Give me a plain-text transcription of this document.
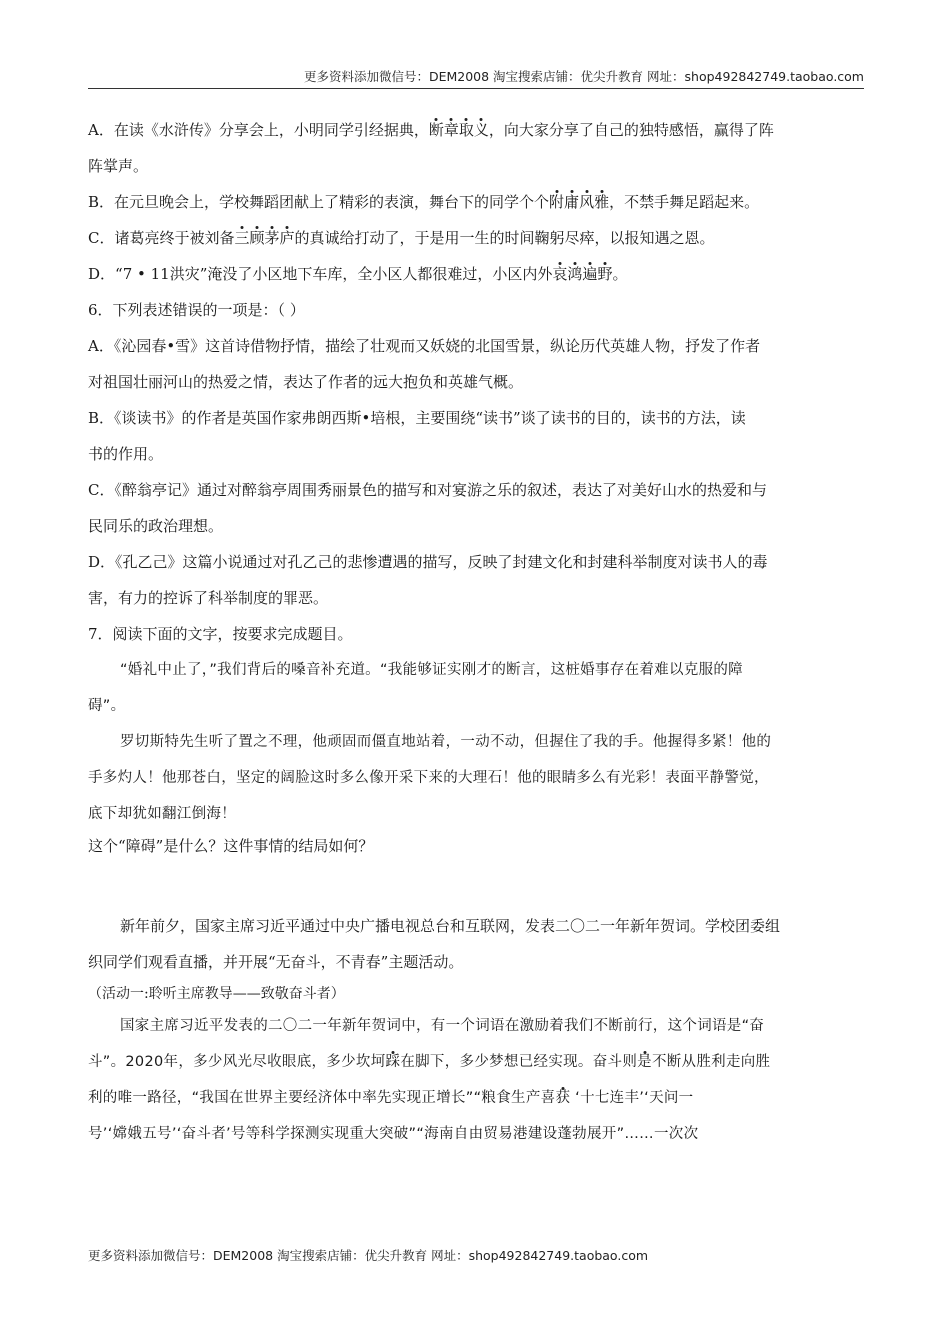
更多资料添加微信号：DEM2008 淘宝搜索店铺：优尖升教育 网址：shop492842749.taobao.com

A．在读《水浒传》分享会上，小明同学引经据典，断章取义，向大家分享了自己的独特感悟，赢得了阵

阵掌声。

B．在元旦晚会上，学校舞蹈团献上了精彩的表演，舞台下的同学个个附庸风雅，不禁手舞足蹈起来。

C．诸葛亮终于被刘备三顾茅庐的真诚给打动了，于是用一生的时间鞠躬尽瘁，以报知遇之恩。

D．“7 • 11洪灾”淹没了小区地下车库，全小区人都很难过，小区内外哀鸿遍野。

6．下列表述错误的一项是：（ ）

A．《沁园春•雪》这首诗借物抒情，描绘了壮观而又妖娆的北国雪景，纵论历代英雄人物，抒发了作者

对祖国壮丽河山的热爱之情，表达了作者的远大抱负和英雄气概。

B．《谈读书》的作者是英国作家弗朗西斯•培根，主要围绕“读书”谈了读书的目的，读书的方法，读

书的作用。

C．《醉翁亭记》通过对醉翁亭周围秀丽景色的描写和对宴游之乐的叙述，表达了对美好山水的热爱和与

民同乐的政治理想。

D．《孔乙己》这篇小说通过对孔乙己的悲惨遭遇的描写，反映了封建文化和封建科举制度对读书人的毒

害，有力的控诉了科举制度的罪恶。

7．阅读下面的文字，按要求完成题目。

“婚礼中止了，”我们背后的嗓音补充道。“我能够证实刚才的断言，这桩婚事存在着难以克服的障

碍”。

罗切斯特先生听了置之不理，他顽固而僵直地站着，一动不动，但握住了我的手。他握得多紧！他的

手多灼人！他那苍白，坚定的阔脸这时多么像开采下来的大理石！他的眼睛多么有光彩！表面平静警觉，

底下却犹如翻江倒海！

这个“障碍”是什么？这件事情的结局如何？

新年前夕，国家主席习近平通过中央广播电视总台和互联网，发表二〇二一年新年贺词。学校团委组

织同学们观看直播，并开展“无奋斗，不青春”主题活动。

（活动一:聆听主席教导——致敬奋斗者）

国家主席习近平发表的二〇二一年新年贺词中，有一个词语在激励着我们不断前行，这个词语是“奋

斗”。2020年，多少风光尽收眼底，多少坎坷踩在脚下，多少梦想已经实现。奋斗则是不断从胜利走向胜

利的唯一路径，“我国在世界主要经济体中率先实现正增长”“粮食生产喜获 ‘十七连丰’‘天问一

号’‘嫦娥五号’‘奋斗者’号等科学探测实现重大突破”“海南自由贸易港建设蓬勃展开”……一次次

更多资料添加微信号：DEM2008 淘宝搜索店铺：优尖升教育 网址：shop492842749.taobao.com
